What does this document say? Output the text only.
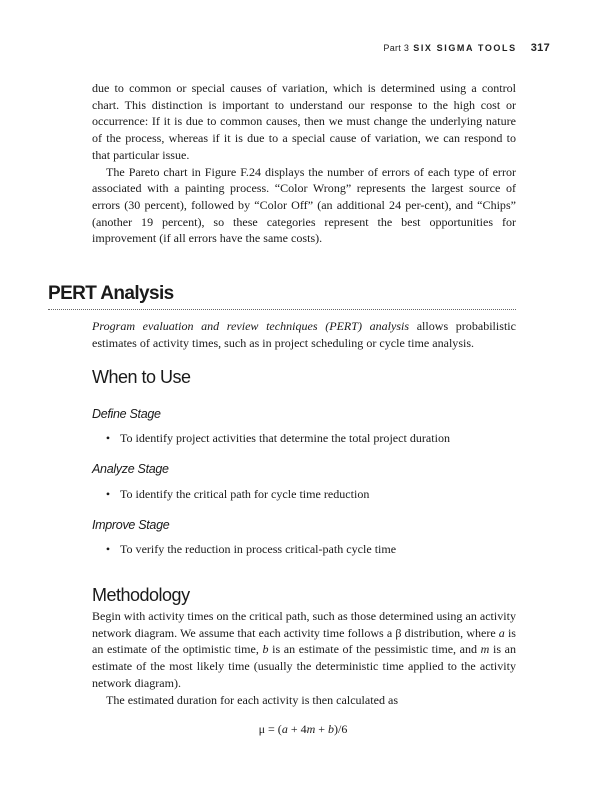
Part 3 SIX SIGMA TOOLS 317

due to common or special causes of variation, which is determined using a control chart. This distinction is important to understand our response to the high cost or occurrence: If it is due to common causes, then we must change the underlying nature of the process, whereas if it is due to a special cause of variation, we can respond to that particular issue.

The Pareto chart in Figure F.24 displays the number of errors of each type of error associated with a painting process. “Color Wrong” represents the largest source of errors (30 percent), followed by “Color Off” (an additional 24 per-cent), and “Chips” (another 19 percent), so these categories represent the best opportunities for improvement (if all errors have the same costs).

PERT Analysis

Program evaluation and review techniques (PERT) analysis allows probabilistic estimates of activity times, such as in project scheduling or cycle time analysis.

When to Use
Define Stage
• To identify project activities that determine the total project duration
Analyze Stage
• To identify the critical path for cycle time reduction
Improve Stage
• To verify the reduction in process critical-path cycle time
Methodology

Begin with activity times on the critical path, such as those determined using an activity network diagram. We assume that each activity time follows a β distribution, where a is an estimate of the optimistic time, b is an estimate of the pessimistic time, and m is an estimate of the most likely time (usually the deterministic time applied to the activity network diagram).

The estimated duration for each activity is then calculated as

μ = (a + 4m + b)/6
